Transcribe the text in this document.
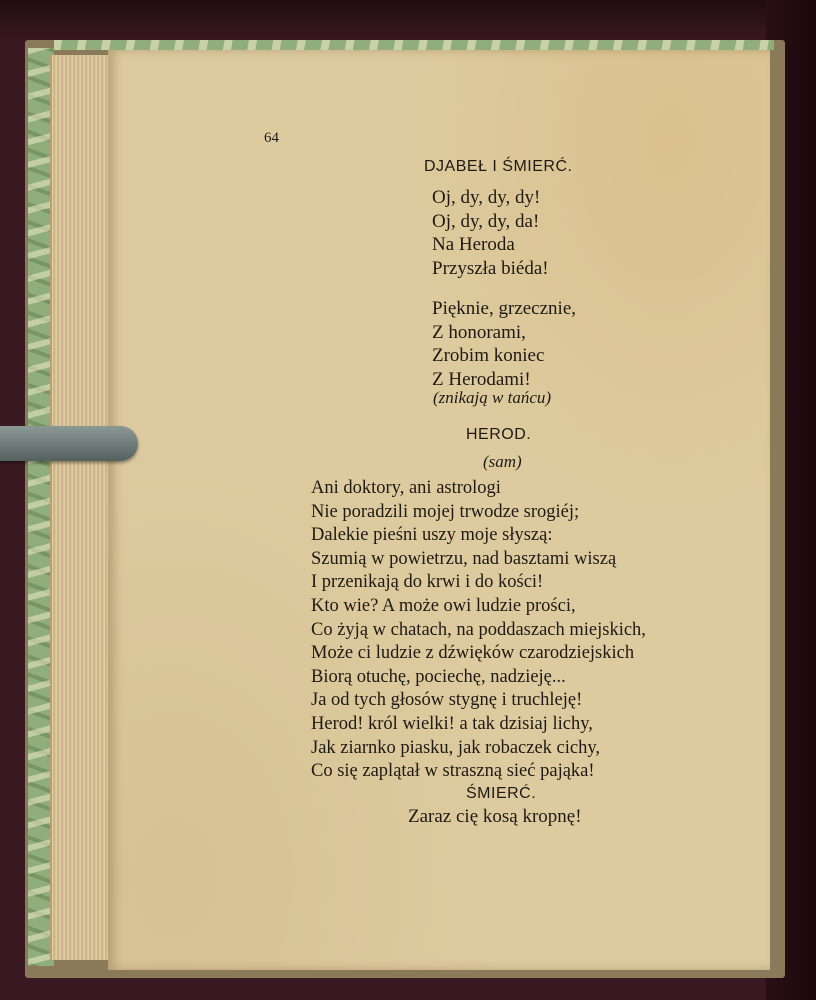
64
DJABEŁ I ŚMIERĆ.
Oj, dy, dy, dy!
Oj, dy, dy, da!
Na Heroda
Przyszła biéda!
Pięknie, grzecznie,
Z honorami,
Zrobim koniec
Z Herodami!
(znikają w tańcu)
HEROD.
(sam)
Ani doktory, ani astrologi
Nie poradzili mojej trwodze srogiéj;
Dalekie pieśni uszy moje słyszą:
Szumią w powietrzu, nad basztami wiszą
I przenikają do krwi i do kości!
Kto wie? A może owi ludzie prości,
Co żyją w chatach, na poddaszach miejskich,
Może ci ludzie z dźwięków czarodziejskich
Biorą otuchę, pociechę, nadzieję...
Ja od tych głosów stygnę i truchleję!
Herod! król wielki! a tak dzisiaj lichy,
Jak ziarnko piasku, jak robaczek cichy,
Co się zaplątał w straszną sieć pająka!
ŚMIERĆ.
Zaraz cię kosą kropnę!
